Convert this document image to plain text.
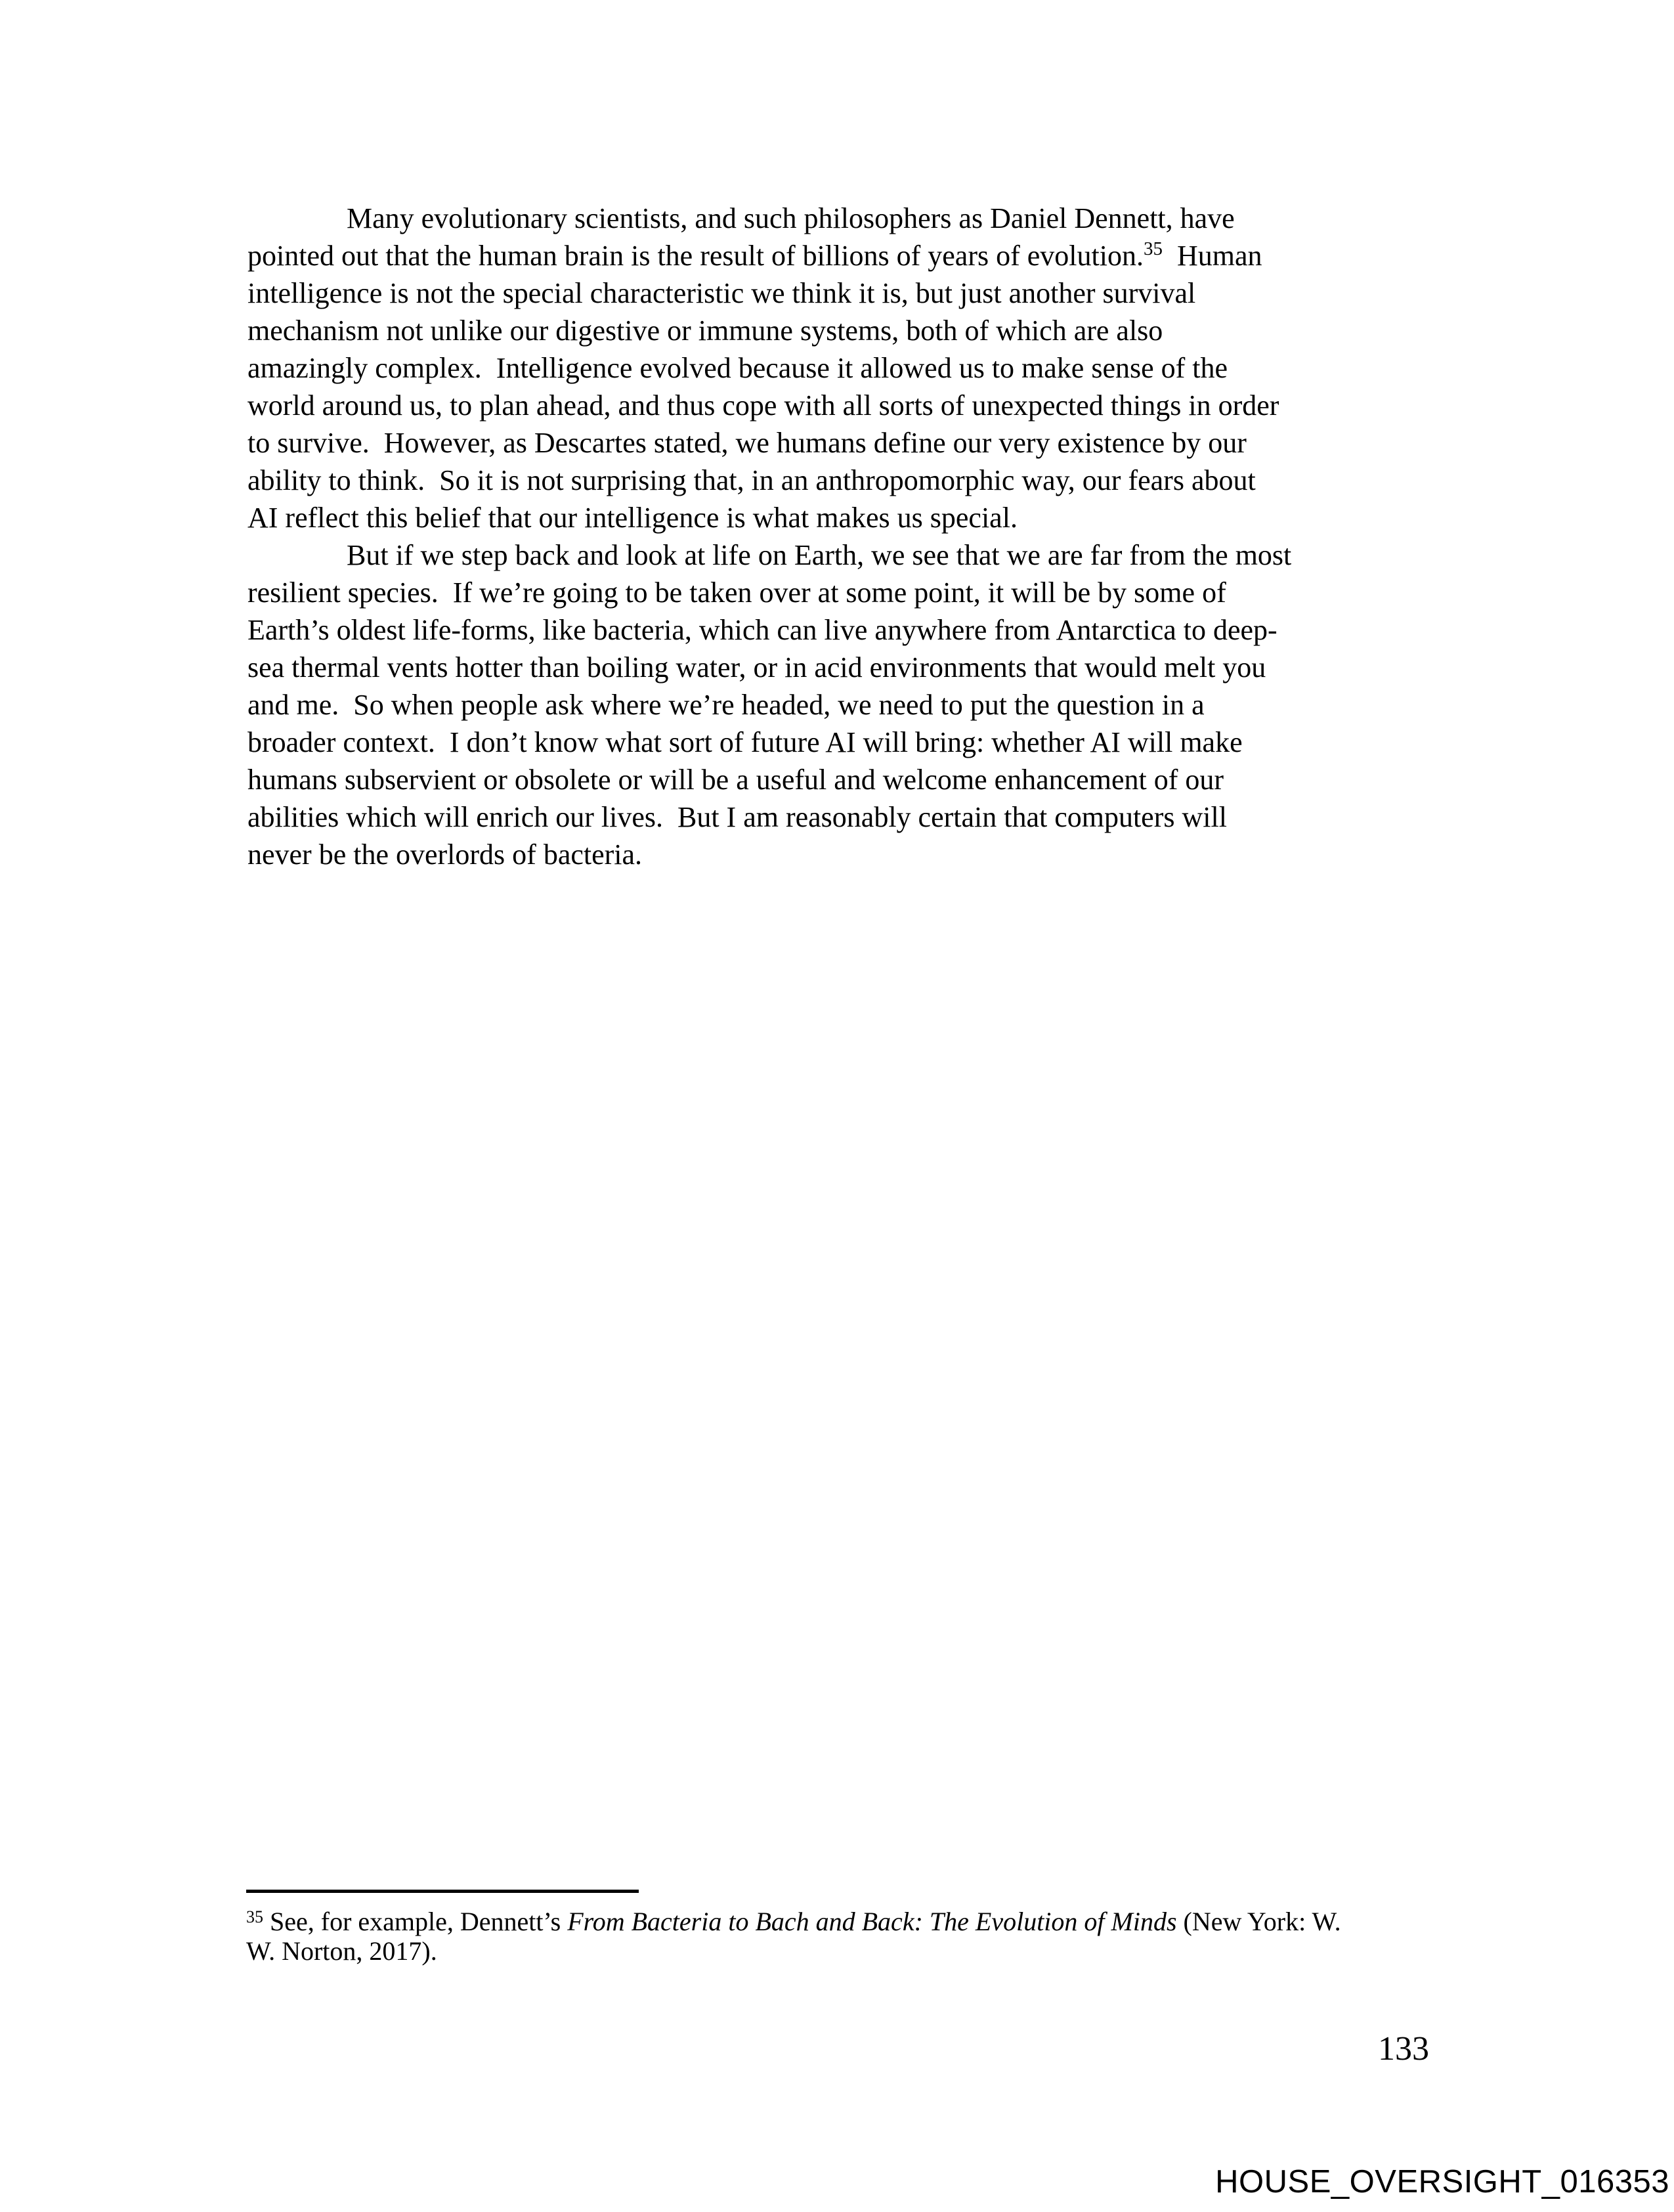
Many evolutionary scientists, and such philosophers as Daniel Dennett, have
pointed out that the human brain is the result of billions of years of evolution.$^{35}$  Human
intelligence is not the special characteristic we think it is, but just another survival
mechanism not unlike our digestive or immune systems, both of which are also
amazingly complex.  Intelligence evolved because it allowed us to make sense of the
world around us, to plan ahead, and thus cope with all sorts of unexpected things in order
to survive.  However, as Descartes stated, we humans define our very existence by our
ability to think.  So it is not surprising that, in an anthropomorphic way, our fears about
AI reflect this belief that our intelligence is what makes us special.
But if we step back and look at life on Earth, we see that we are far from the most
resilient species.  If we’re going to be taken over at some point, it will be by some of
Earth’s oldest life-forms, like bacteria, which can live anywhere from Antarctica to deep-
sea thermal vents hotter than boiling water, or in acid environments that would melt you
and me.  So when people ask where we’re headed, we need to put the question in a
broader context.  I don’t know what sort of future AI will bring: whether AI will make
humans subservient or obsolete or will be a useful and welcome enhancement of our
abilities which will enrich our lives.  But I am reasonably certain that computers will
never be the overlords of bacteria.
$^{35}$ See, for example, Dennett’s From Bacteria to Bach and Back: The Evolution of Minds (New York: W.
W. Norton, 2017).
133
HOUSE_OVERSIGHT_016353
